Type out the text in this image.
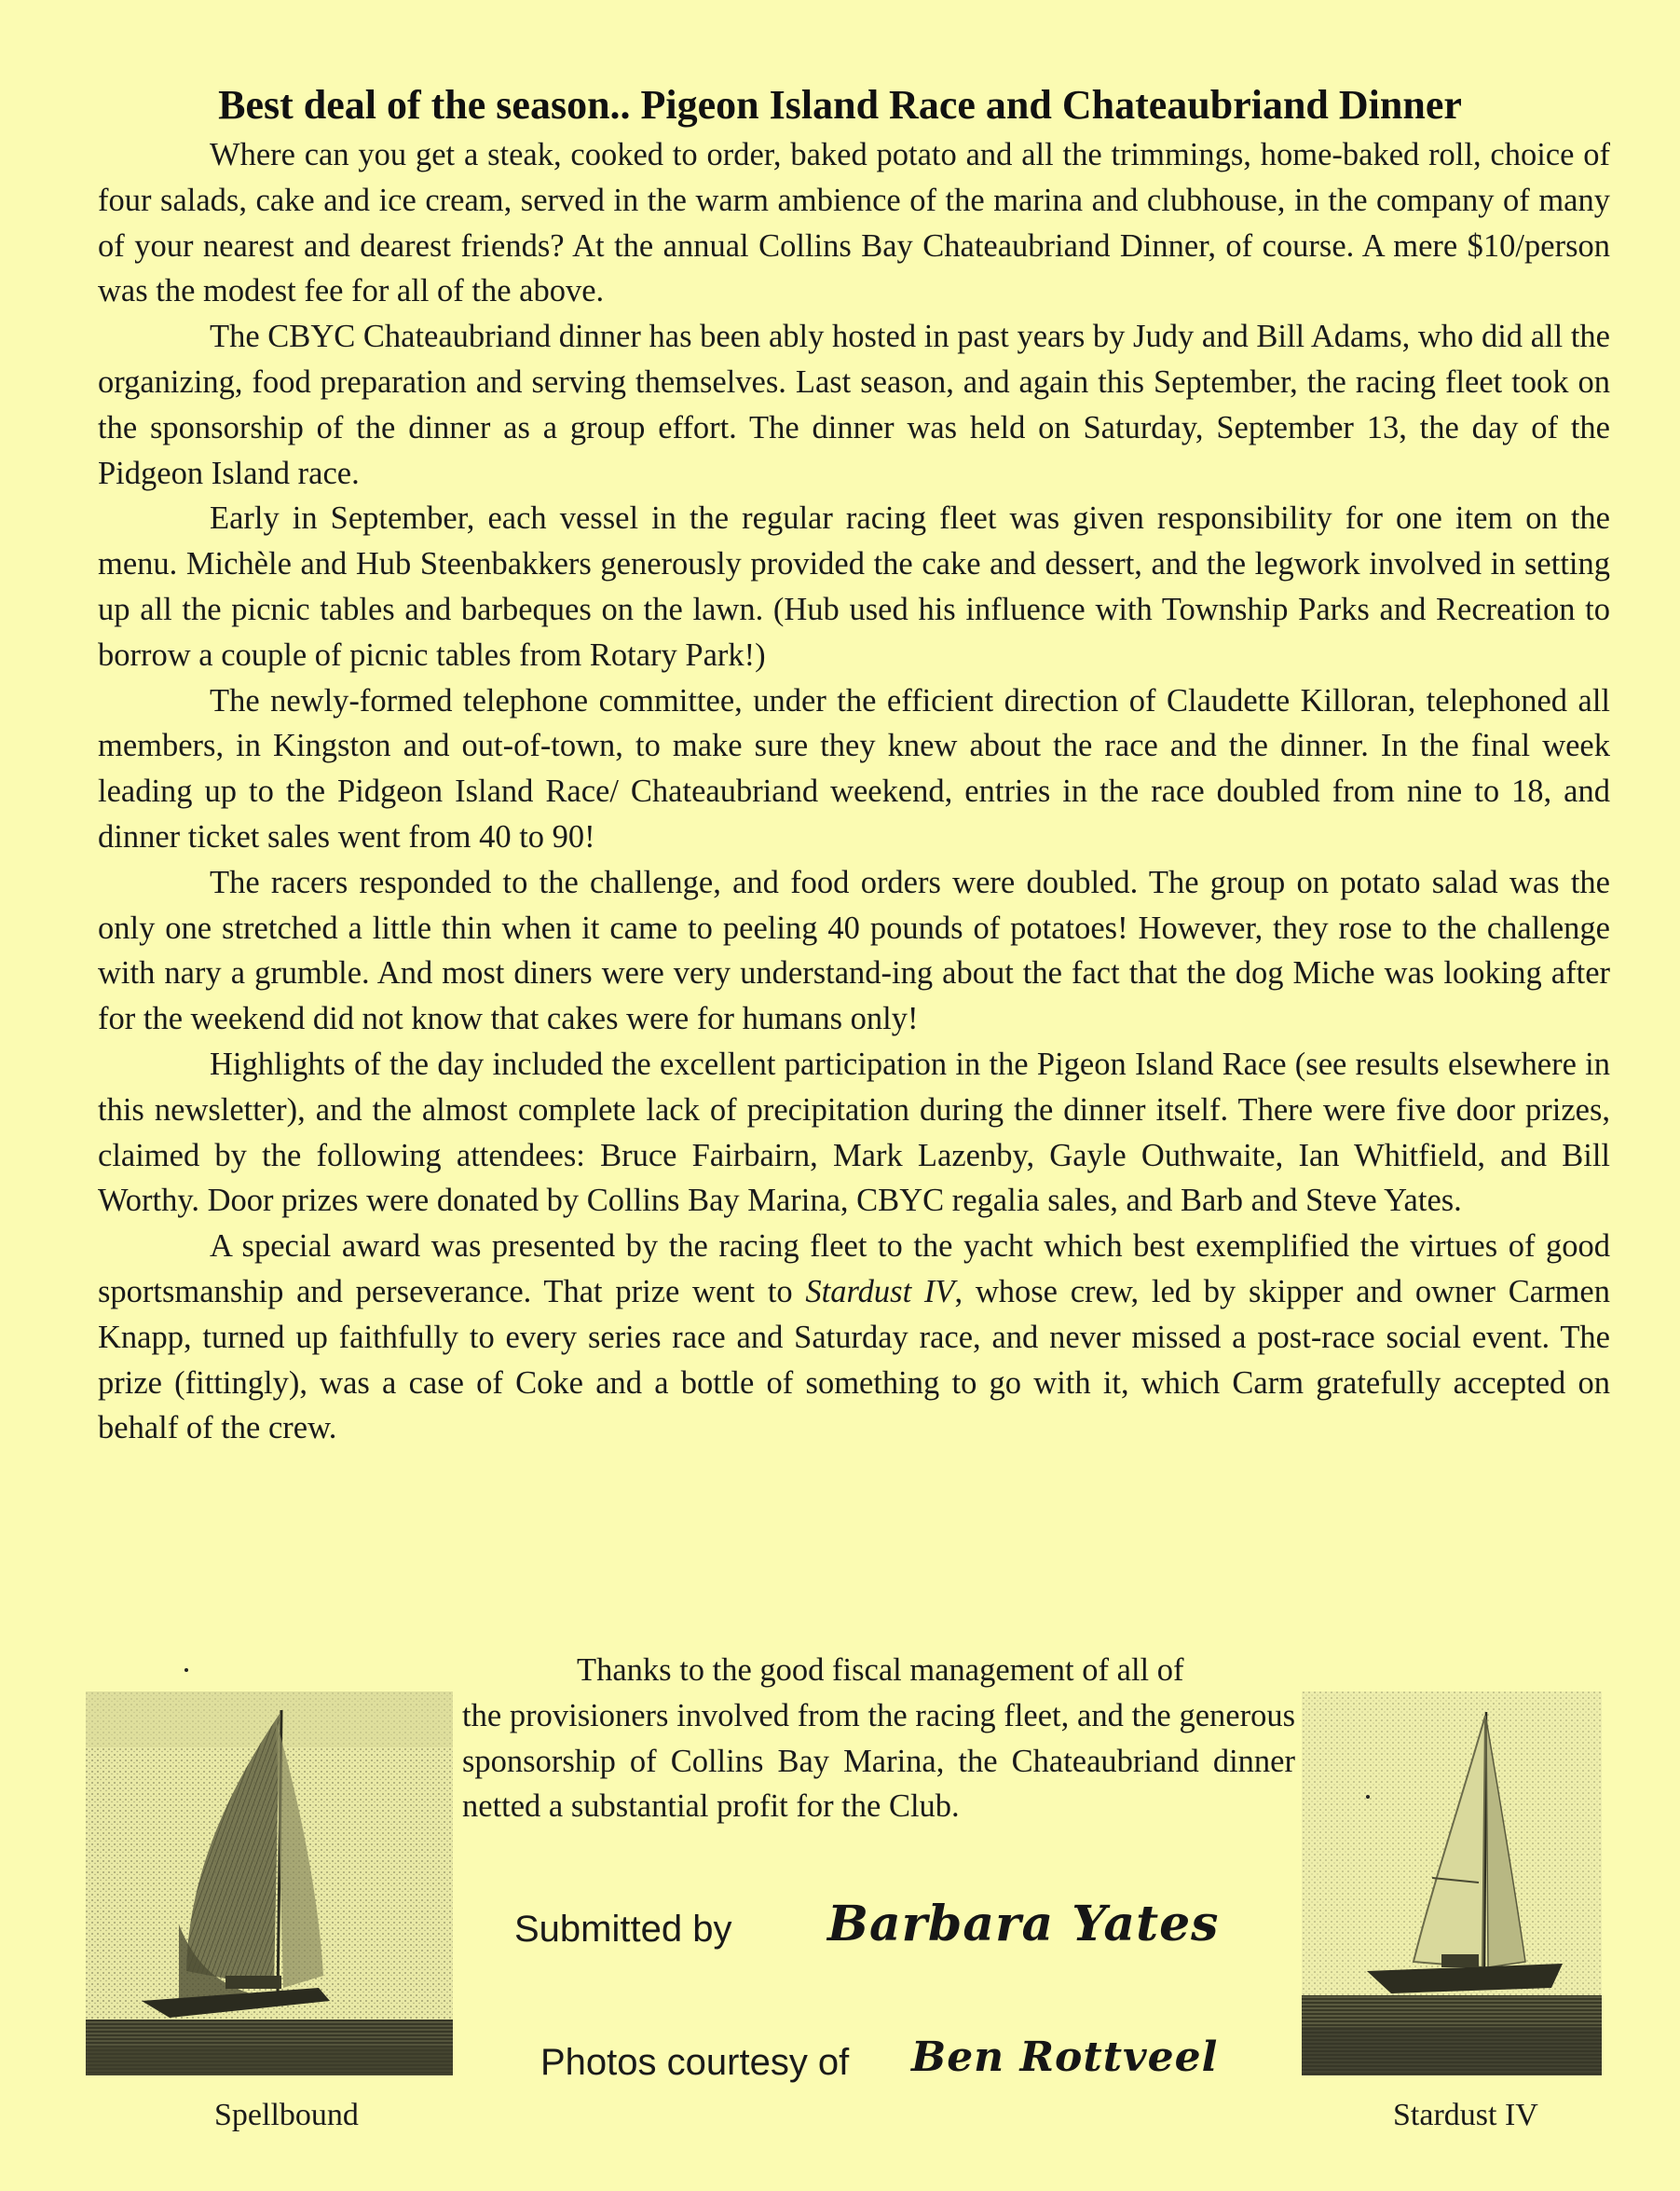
Best deal of the season.. Pigeon Island Race and Chateaubriand Dinner

Where can you get a steak, cooked to order, baked potato and all the trimmings, home-baked roll, choice of four salads, cake and ice cream, served in the warm ambience of the marina and clubhouse, in the company of many of your nearest and dearest friends? At the annual Collins Bay Chateaubriand Dinner, of course. A mere $10/person was the modest fee for all of the above.

The CBYC Chateaubriand dinner has been ably hosted in past years by Judy and Bill Adams, who did all the organizing, food preparation and serving themselves. Last season, and again this September, the racing fleet took on the sponsorship of the dinner as a group effort. The dinner was held on Saturday, September 13, the day of the Pidgeon Island race.

Early in September, each vessel in the regular racing fleet was given responsibility for one item on the menu. Michèle and Hub Steenbakkers generously provided the cake and dessert, and the legwork involved in setting up all the picnic tables and barbeques on the lawn. (Hub used his influence with Township Parks and Recreation to borrow a couple of picnic tables from Rotary Park!)

The newly-formed telephone committee, under the efficient direction of Claudette Killoran, telephoned all members, in Kingston and out-of-town, to make sure they knew about the race and the dinner. In the final week leading up to the Pidgeon Island Race/ Chateaubriand weekend, entries in the race doubled from nine to 18, and dinner ticket sales went from 40 to 90!

The racers responded to the challenge, and food orders were doubled. The group on potato salad was the only one stretched a little thin when it came to peeling 40 pounds of potatoes! However, they rose to the challenge with nary a grumble. And most diners were very understand-ing about the fact that the dog Miche was looking after for the weekend did not know that cakes were for humans only!

Highlights of the day included the excellent participation in the Pigeon Island Race (see results elsewhere in this newsletter), and the almost complete lack of precipitation during the dinner itself. There were five door prizes, claimed by the following attendees: Bruce Fairbairn, Mark Lazenby, Gayle Outhwaite, Ian Whitfield, and Bill Worthy. Door prizes were donated by Collins Bay Marina, CBYC regalia sales, and Barb and Steve Yates.

A special award was presented by the racing fleet to the yacht which best exemplified the virtues of good sportsmanship and perseverance. That prize went to Stardust IV, whose crew, led by skipper and owner Carmen Knapp, turned up faithfully to every series race and Saturday race, and never missed a post-race social event. The prize (fittingly), was a case of Coke and a bottle of something to go with it, which Carm gratefully accepted on behalf of the crew.

Spellbound	Stardust IV
Thanks to the good fiscal management of all of
the provisioners involved from the racing fleet, and the generous sponsorship of Collins Bay Marina, the Chateaubriand dinner netted a substantial profit for the Club.
Submitted by Barbara Yates
Photos courtesy of Ben Rottveel
